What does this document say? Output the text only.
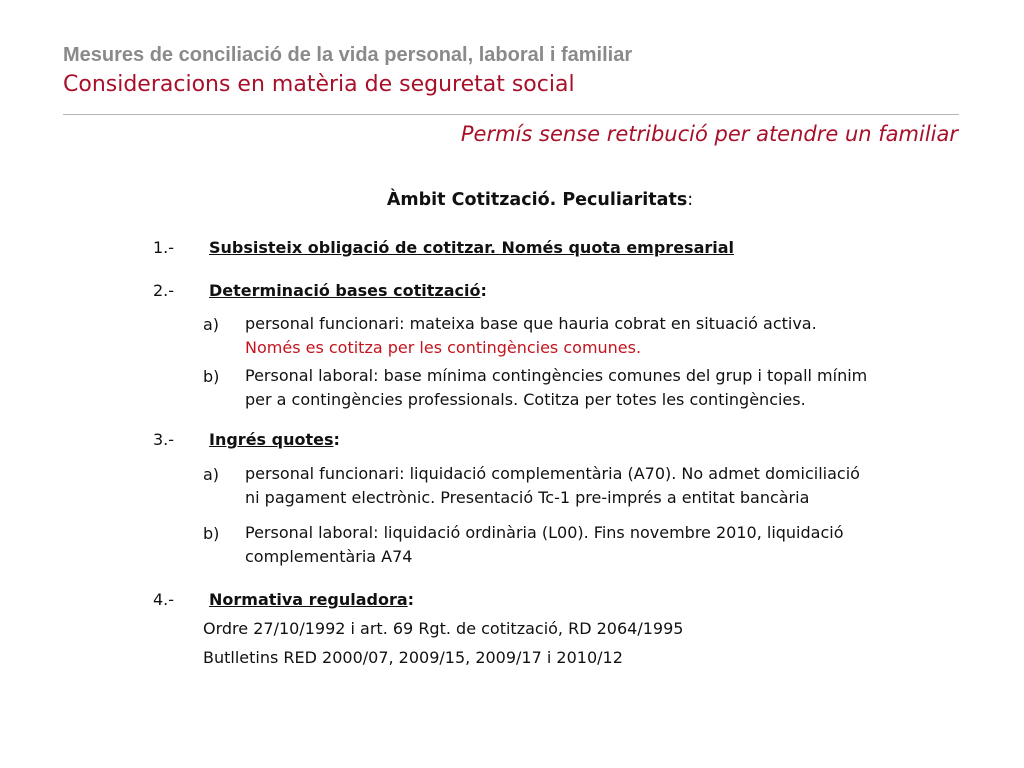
Mesures de conciliació de la vida personal, laboral i familiar
Consideracions en matèria de seguretat social
Permís sense retribució per atendre un familiar
Àmbit Cotització. Peculiaritats:
1.- Subsisteix obligació de cotitzar. Només quota empresarial
2.- Determinació bases cotització:
a) personal funcionari: mateixa base que hauria cobrat en situació activa.
Només es cotitza per les contingències comunes.
b) Personal laboral: base mínima contingències comunes del grup i topall mínim
per a contingències professionals. Cotitza per totes les contingències.
3.- Ingrés quotes:
a) personal funcionari: liquidació complementària (A70). No admet domiciliació
ni pagament electrònic. Presentació Tc-1 pre-imprés a entitat bancària
b) Personal laboral: liquidació ordinària (L00). Fins novembre 2010, liquidació
complementària A74
4.- Normativa reguladora:
Ordre 27/10/1992 i art. 69 Rgt. de cotització, RD 2064/1995
Butlletins RED 2000/07, 2009/15, 2009/17 i 2010/12
